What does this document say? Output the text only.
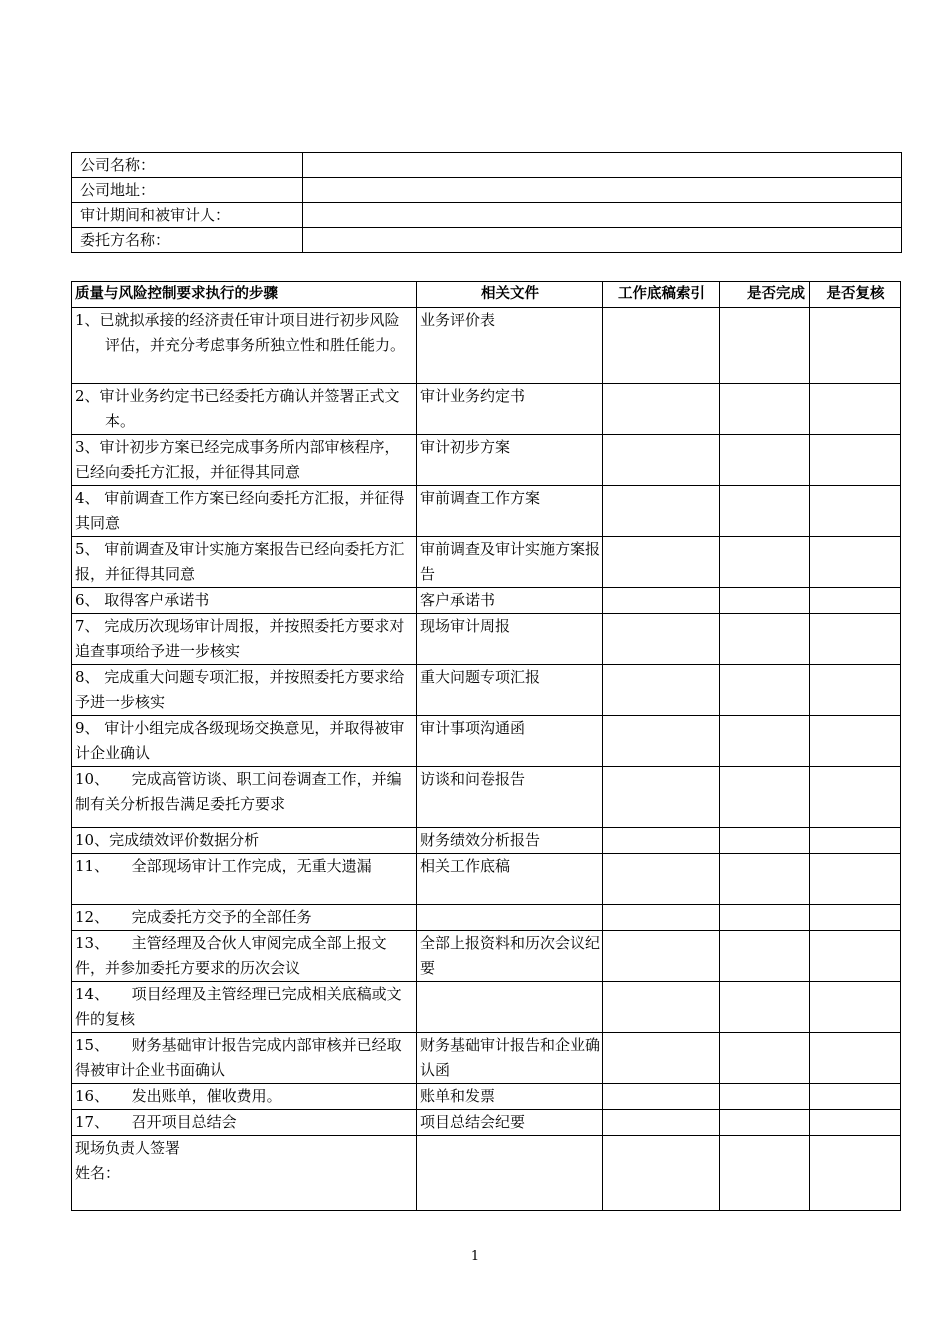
公司名称：	
公司地址：	
审计期间和被审计人：	
委托方名称：	
质量与风险控制要求执行的步骤	相关文件	工作底稿索引	是否完成	是否复核

1、已就拟承接的经济责任审计项目进行初步风险评估，并充分考虑事务所独立性和胜任能力。	业务评价表			

2、审计业务约定书已经委托方确认并签署正式文本。	审计业务约定书			
3、审计初步方案已经完成事务所内部审核程序，已经向委托方汇报，并征得其同意	审计初步方案			
4、 审前调查工作方案已经向委托方汇报，并征得其同意	审前调查工作方案			
5、 审前调查及审计实施方案报告已经向委托方汇报，并征得其同意	审前调查及审计实施方案报告			
6、 取得客户承诺书	客户承诺书			
7、 完成历次现场审计周报，并按照委托方要求对追查事项给予进一步核实	现场审计周报			
8、 完成重大问题专项汇报，并按照委托方要求给予进一步核实	重大问题专项汇报			
9、 审计小组完成各级现场交换意见，并取得被审计企业确认	审计事项沟通函			
10、　　完成高管访谈、职工问卷调查工作，并编制有关分析报告满足委托方要求	访谈和问卷报告			
10、完成绩效评价数据分析	财务绩效分析报告			
11、　　全部现场审计工作完成，无重大遗漏	相关工作底稿			
12、　　完成委托方交予的全部任务				
13、　　主管经理及合伙人审阅完成全部上报文件，并参加委托方要求的历次会议	全部上报资料和历次会议纪要			
14、　　项目经理及主管经理已完成相关底稿或文件的复核				
15、　　财务基础审计报告完成内部审核并已经取得被审计企业书面确认	财务基础审计报告和企业确认函			
16、　　发出账单，催收费用。	账单和发票			
17、　　召开项目总结会	项目总结会纪要			

现场负责人签署
姓名：				

1
